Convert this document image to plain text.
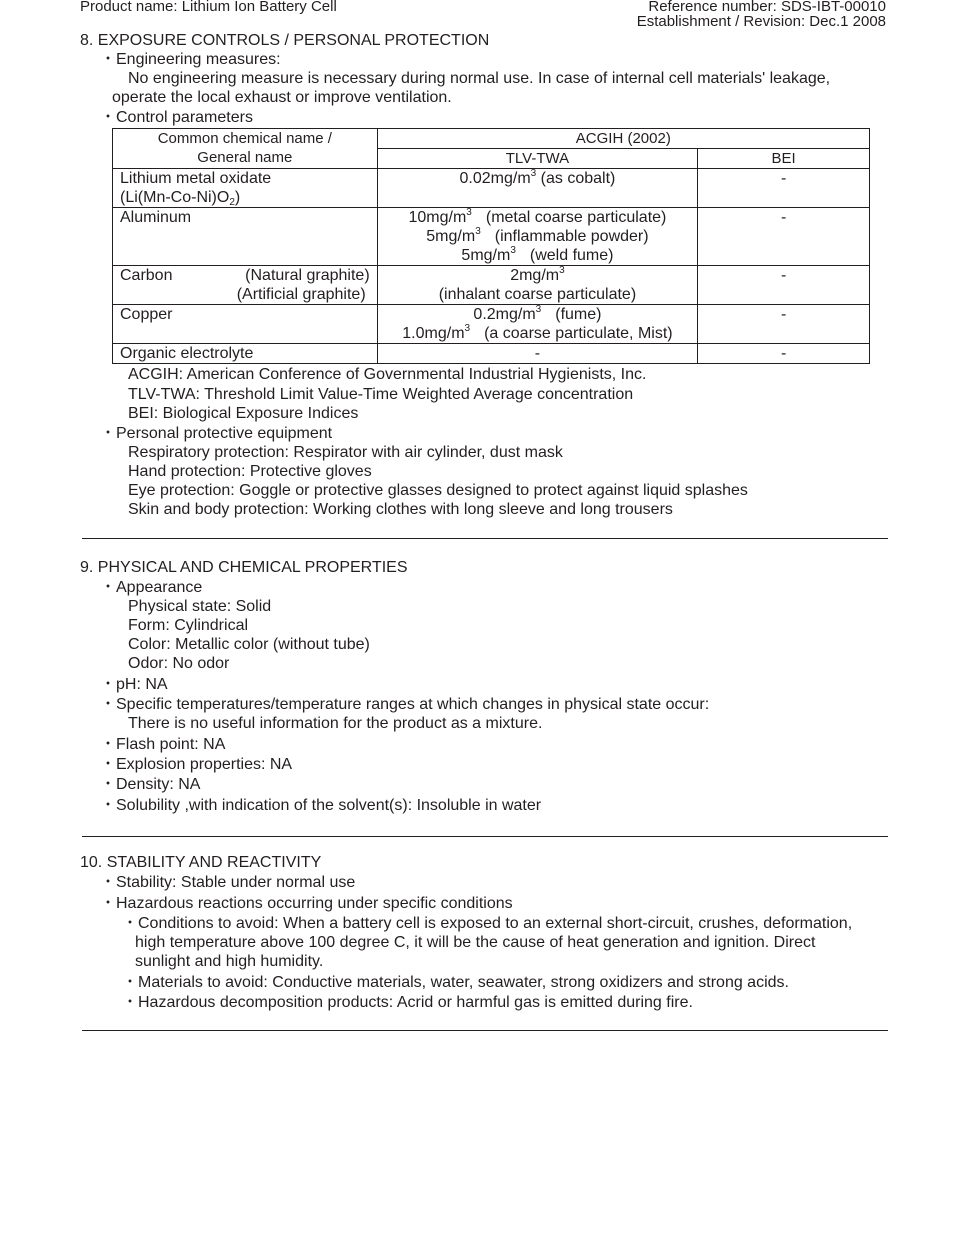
Product name: Lithium Ion Battery Cell	Reference number: SDS-IBT-00010
Establishment / Revision: Dec.1 2008
8. EXPOSURE CONTROLS / PERSONAL PROTECTION
・Engineering measures:
No engineering measure is necessary during normal use. In case of internal cell materials' leakage,
operate the local exhaust or improve ventilation.
・Control parameters
Common chemical name /
General name	ACGIH (2002)	
	TLV-TWA	BEI

Lithium metal oxidate
$(Li(Mn-Co-Ni)O_2)$	$0.02mg/m^3$ (as cobalt)	-
Aluminum	$10mg/m^3$ (metal coarse particulate)
$5mg/m^3$ (inflammable powder)
$5mg/m^3$ (weld fume)	-

Carbon (Natural graphite)
(Artificial graphite)	$2mg/m^3$
(inhalant coarse particulate)	-
Copper	$0.2mg/m^3$ (fume)
$1.0mg/m^3$ (a coarse particulate, Mist)	-
Organic electrolyte	-	-
ACGIH: American Conference of Governmental Industrial Hygienists, Inc.
TLV-TWA: Threshold Limit Value-Time Weighted Average concentration
BEI: Biological Exposure Indices
・Personal protective equipment
Respiratory protection: Respirator with air cylinder, dust mask
Hand protection: Protective gloves
Eye protection: Goggle or protective glasses designed to protect against liquid splashes
Skin and body protection: Working clothes with long sleeve and long trousers
9. PHYSICAL AND CHEMICAL PROPERTIES
・Appearance
Physical state: Solid
Form: Cylindrical
Color: Metallic color (without tube)
Odor: No odor
・pH: NA
・Specific temperatures/temperature ranges at which changes in physical state occur:
There is no useful information for the product as a mixture.
・Flash point: NA
・Explosion properties: NA
・Density: NA
・Solubility ,with indication of the solvent(s): Insoluble in water
10. STABILITY AND REACTIVITY
・Stability: Stable under normal use
・Hazardous reactions occurring under specific conditions
・Conditions to avoid: When a battery cell is exposed to an external short-circuit, crushes, deformation,
high temperature above 100 degree C, it will be the cause of heat generation and ignition. Direct
sunlight and high humidity.
・Materials to avoid: Conductive materials, water, seawater, strong oxidizers and strong acids.
・Hazardous decomposition products: Acrid or harmful gas is emitted during fire.
